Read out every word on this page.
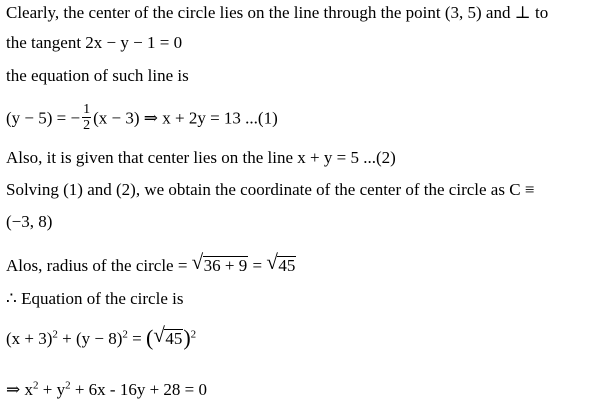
Clearly, the center of the circle lies on the line through the point (3, 5) and ⊥ to
the tangent 2x − y − 1 = 0
the equation of such line is
(y − 5) = − $\frac{1}{2} (x - 3)$ ⇒ x + 2y = 13 ...(1)
Also, it is given that center lies on the line x + y = 5 ...(2)
Solving (1) and (2), we obtain the coordinate of the center of the circle as C ≡
(−3, 8)
Alos, radius of the circle = √ 36 + 9 = √ 45
∴ Equation of the circle is
$(x + 3)^2 + (y - 8)^2$ = ( √ 45)$^2$
⇒ $x^2 + y^2 + 6x - 16y + 28 = 0$
